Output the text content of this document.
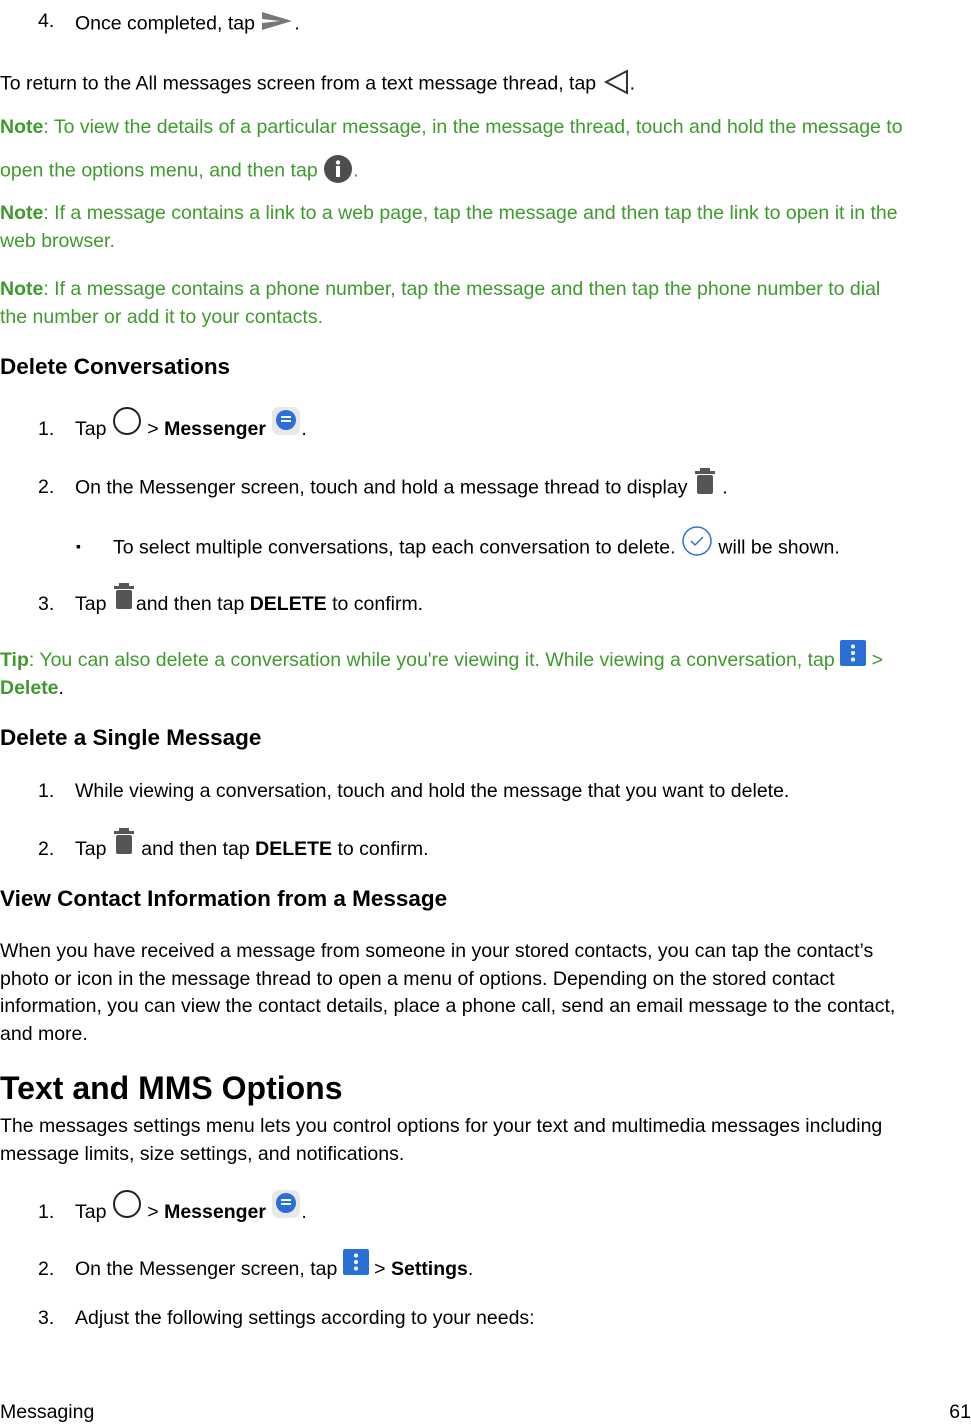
4. Once completed, tap .
To return to the All messages screen from a text message thread, tap .
Note: To view the details of a particular message, in the message thread, touch and hold the message to
open the options menu, and then tap .
Note: If a message contains a link to a web page, tap the message and then tap the link to open it in the
web browser.
Note: If a message contains a phone number, tap the message and then tap the phone number to dial
the number or add it to your contacts.
Delete Conversations
1. Tap  > Messenger .
2. On the Messenger screen, touch and hold a message thread to display  .
▪ To select multiple conversations, tap each conversation to delete.  will be shown.
3. Tap and then tap DELETE to confirm.
Tip: You can also delete a conversation while you're viewing it. While viewing a conversation, tap  >
Delete.
Delete a Single Message
1. While viewing a conversation, touch and hold the message that you want to delete.
2. Tap  and then tap DELETE to confirm.
View Contact Information from a Message
When you have received a message from someone in your stored contacts, you can tap the contact’s
photo or icon in the message thread to open a menu of options. Depending on the stored contact
information, you can view the contact details, place a phone call, send an email message to the contact,
and more.
Text and MMS Options
The messages settings menu lets you control options for your text and multimedia messages including
message limits, size settings, and notifications.
1. Tap  > Messenger .
2. On the Messenger screen, tap  > Settings.
3. Adjust the following settings according to your needs:
Messaging	61
